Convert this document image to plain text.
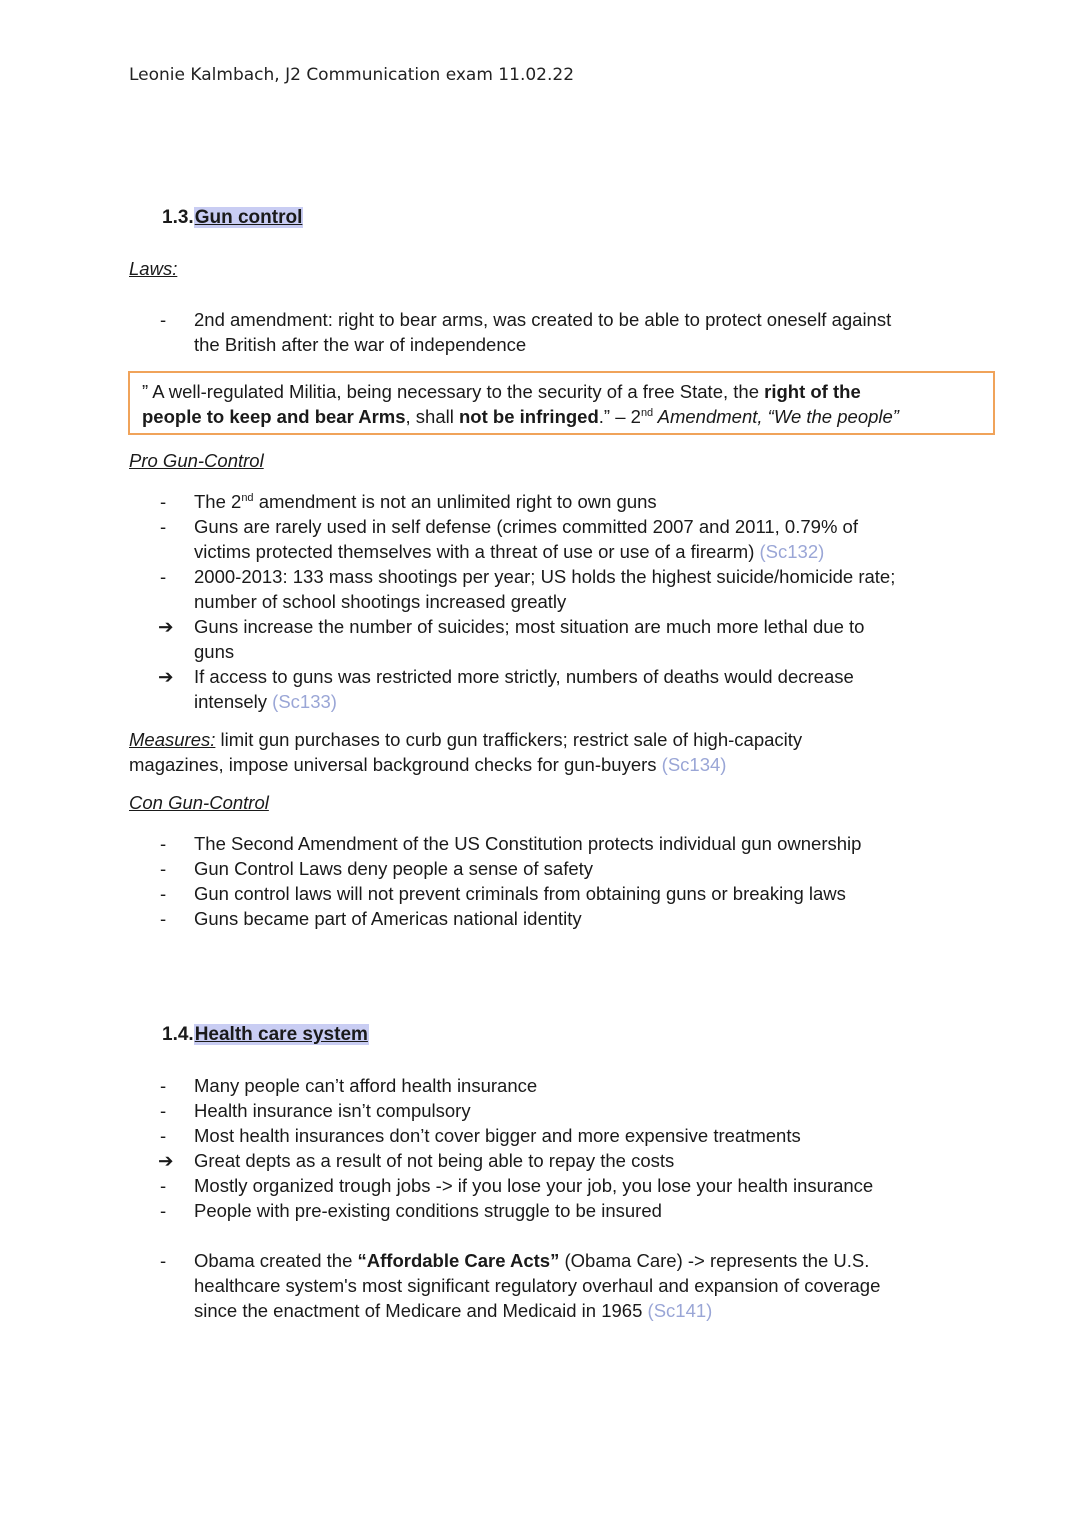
Leonie Kalmbach, J2 Communication exam 11.02.22
1.3.Gun control
Laws:
-	2nd amendment: right to bear arms, was created to be able to protect oneself against
the British after the war of independence
” A well-regulated Militia, being necessary to the security of a free State, the right of the
people to keep and bear Arms, shall not be infringed.” – 2nd Amendment, “We the people”
Pro Gun-Control
-	The 2nd amendment is not an unlimited right to own guns
-	Guns are rarely used in self defense (crimes committed 2007 and 2011, 0.79% of
victims protected themselves with a threat of use or use of a firearm) (Sc132)
-	2000-2013: 133 mass shootings per year; US holds the highest suicide/homicide rate;
number of school shootings increased greatly
➔	Guns increase the number of suicides; most situation are much more lethal due to
guns
➔	If access to guns was restricted more strictly, numbers of deaths would decrease
intensely (Sc133)
Measures: limit gun purchases to curb gun traffickers; restrict sale of high-capacity
magazines, impose universal background checks for gun-buyers (Sc134)
Con Gun-Control
-	The Second Amendment of the US Constitution protects individual gun ownership
-	Gun Control Laws deny people a sense of safety
-	Gun control laws will not prevent criminals from obtaining guns or breaking laws
-	Guns became part of Americas national identity
1.4.Health care system
-	Many people can’t afford health insurance
-	Health insurance isn’t compulsory
-	Most health insurances don’t cover bigger and more expensive treatments
➔	Great depts as a result of not being able to repay the costs
-	Mostly organized trough jobs -> if you lose your job, you lose your health insurance
-	People with pre-existing conditions struggle to be insured
-	Obama created the “Affordable Care Acts” (Obama Care) -> represents the U.S.
healthcare system's most significant regulatory overhaul and expansion of coverage
since the enactment of Medicare and Medicaid in 1965 (Sc141)
